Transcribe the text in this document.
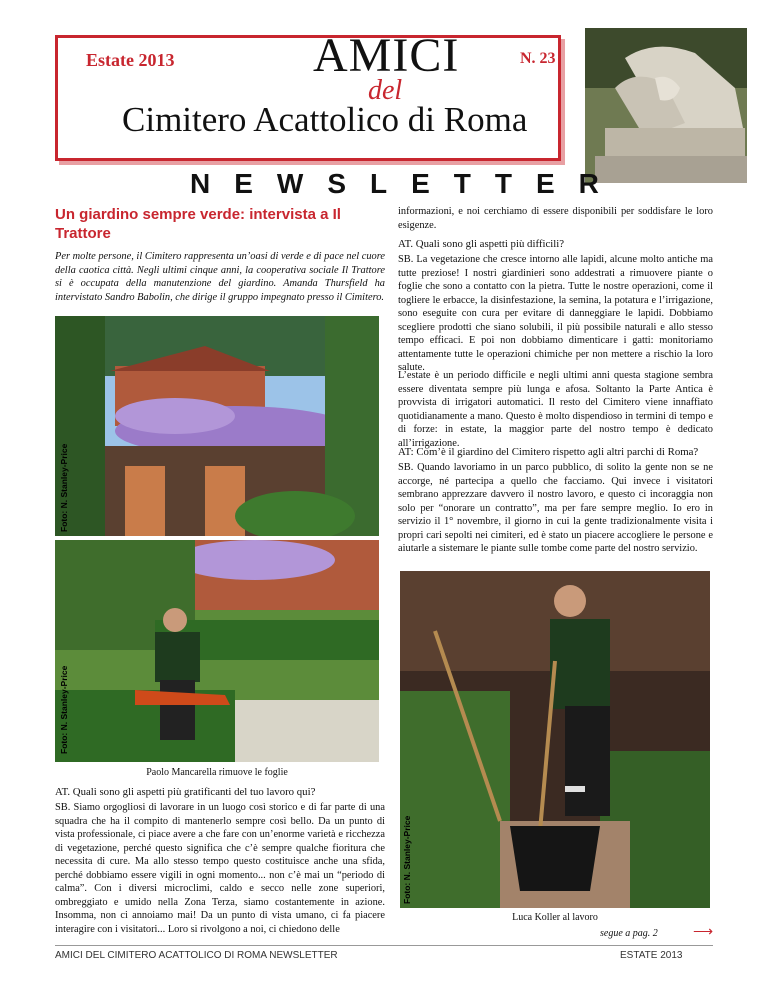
Estate 2013	N. 23
AMICI
del
Cimitero Acattolico di Roma
NEWSLETTER
Un giardino sempre verde: intervista a Il Trattore
Per molte persone, il Cimitero rappresenta un’oasi di verde e di pace nel cuore della caotica città. Negli ultimi cinque anni, la cooperativa sociale Il Trattore si è occupata della manutenzione del giardino. Amanda Thursfield ha intervistato Sandro Babolin, che dirige il gruppo impegnato presso il Cimitero.
Foto: N. Stanley-Price
Foto: N. Stanley-Price
Paolo Mancarella rimuove le foglie
AT. Quali sono gli aspetti più gratificanti del tuo lavoro qui?
SB. Siamo orgogliosi di lavorare in un luogo così storico e di far parte di una squadra che ha il compito di mantenerlo sempre così bello. Da un punto di vista professionale, ci piace avere a che fare con un’enorme varietà e ricchezza di vegetazione, perché questo significa che c’è sempre qualche fioritura che necessita di cure. Ma allo stesso tempo questo costituisce anche una sfida, perché dobbiamo essere vigili in ogni momento... non c’è mai un “periodo di calma”. Con i diversi microclimi, caldo e secco nelle zone superiori, ombreggiato e umido nella Zona Terza, siamo costantemente in azione. Insomma, non ci annoiamo mai! Da un punto di vista umano, ci fa piacere interagire con i visitatori... Loro si rivolgono a noi, ci chiedono delle
informazioni, e noi cerchiamo di essere disponibili per soddisfare le loro esigenze.
AT. Quali sono gli aspetti più difficili?
SB. La vegetazione che cresce intorno alle lapidi, alcune molto antiche ma tutte preziose! I nostri giardinieri sono addestrati a rimuovere piante o foglie che sono a contatto con la pietra. Tutte le nostre operazioni, come il togliere le erbacce, la disinfestazione, la semina, la potatura e l’irrigazione, sono eseguite con cura per evitare di danneggiare le lapidi. Dobbiamo scegliere prodotti che siano solubili, il più possibile naturali e allo stesso tempo efficaci. E poi non dobbiamo dimenticare i gatti: monitoriamo attentamente tutte le operazioni chimiche per non mettere a rischio la loro salute.
L’estate è un periodo difficile e negli ultimi anni questa stagione sembra essere diventata sempre più lunga e afosa. Soltanto la Parte Antica è provvista di irrigatori automatici. Il resto del Cimitero viene innaffiato quotidianamente a mano. Questo è molto dispendioso in termini di tempo e di forze: in estate, la maggior parte del nostro tempo è dedicato all’irrigazione.
AT: Com’è il giardino del Cimitero rispetto agli altri parchi di Roma?
SB. Quando lavoriamo in un parco pubblico, di solito la gente non se ne accorge, né partecipa a quello che facciamo. Qui invece i visitatori sembrano apprezzare davvero il nostro lavoro, e questo ci incoraggia non solo per “onorare un contratto”, ma per fare sempre meglio. Io ero in servizio il 1° novembre, il giorno in cui la gente tradizionalmente visita i propri cari sepolti nei cimiteri, ed è stato un piacere accogliere le persone e aiutarle a sistemare le piante sulle tombe come parte del nostro servizio.
Foto: N. Stanley-Price
Luca Koller al lavoro
segue a pag. 2	⟶
AMICI DEL CIMITERO ACATTOLICO DI ROMA NEWSLETTER	ESTATE 2013
